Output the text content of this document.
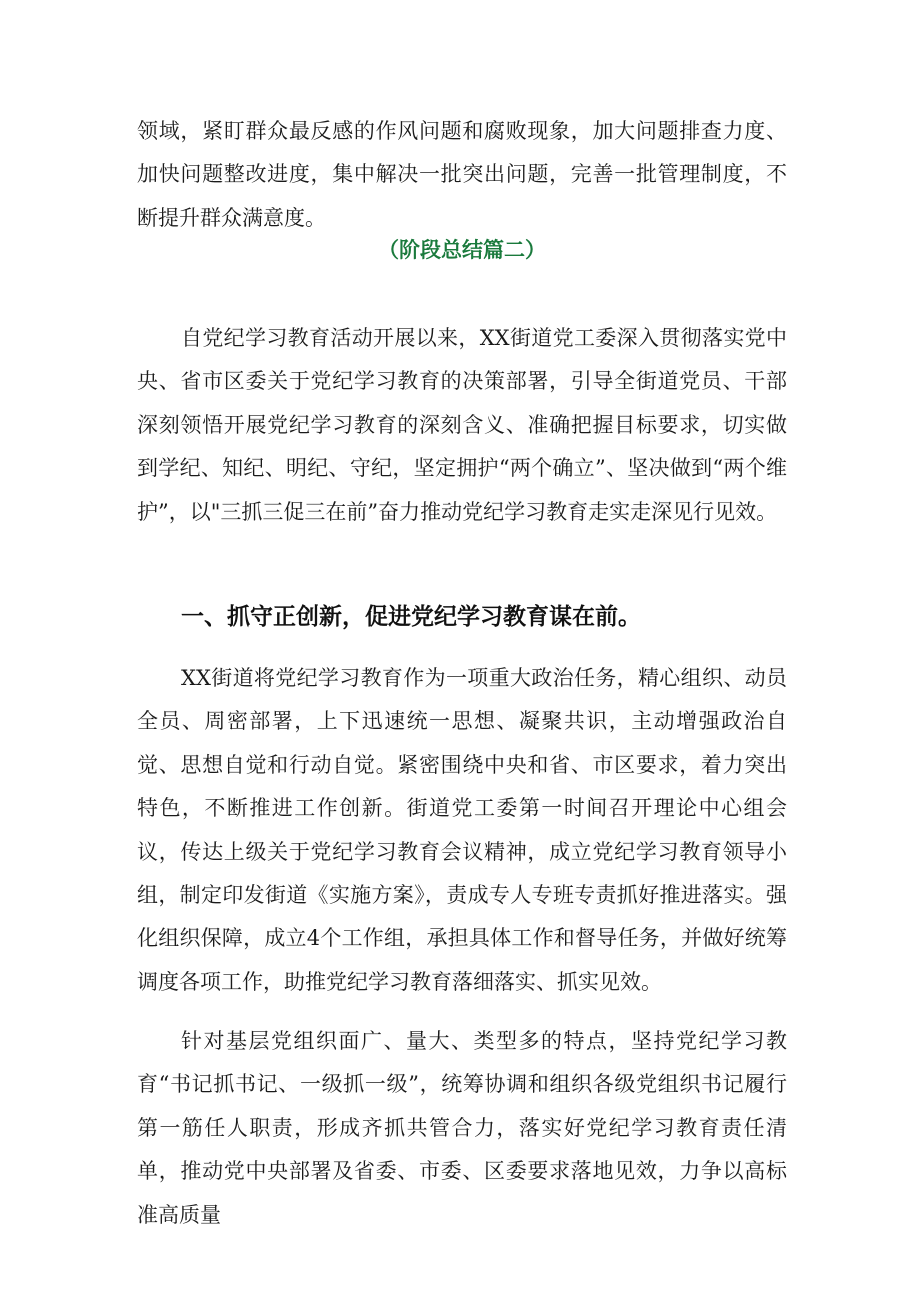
领域，紧盯群众最反感的作风问题和腐败现象，加大问题排查力度、加快问题整改进度，集中解决一批突出问题，完善一批管理制度，不断提升群众满意度。

（阶段总结篇二）

自党纪学习教育活动开展以来，XX街道党工委深入贯彻落实党中央、省市区委关于党纪学习教育的决策部署，引导全街道党员、干部深刻领悟开展党纪学习教育的深刻含义、准确把握目标要求，切实做到学纪、知纪、明纪、守纪，坚定拥护“两个确立”、坚决做到“两个维护”，以"三抓三促三在前”奋力推动党纪学习教育走实走深见行见效。

一、抓守正创新，促进党纪学习教育谋在前。

XX街道将党纪学习教育作为一项重大政治任务，精心组织、动员全员、周密部署，上下迅速统一思想、凝聚共识，主动增强政治自觉、思想自觉和行动自觉。紧密围绕中央和省、市区要求，着力突出特色，不断推进工作创新。街道党工委第一时间召开理论中心组会议，传达上级关于党纪学习教育会议精神，成立党纪学习教育领导小组，制定印发街道《实施方案》，责成专人专班专责抓好推进落实。强化组织保障，成立4个工作组，承担具体工作和督导任务，并做好统筹调度各项工作，助推党纪学习教育落细落实、抓实见效。

针对基层党组织面广、量大、类型多的特点，坚持党纪学习教育“书记抓书记、一级抓一级”，统筹协调和组织各级党组织书记履行第一筋任人职责，形成齐抓共管合力，落实好党纪学习教育责任清单，推动党中央部署及省委、市委、区委要求落地见效，力争以高标准高质量
